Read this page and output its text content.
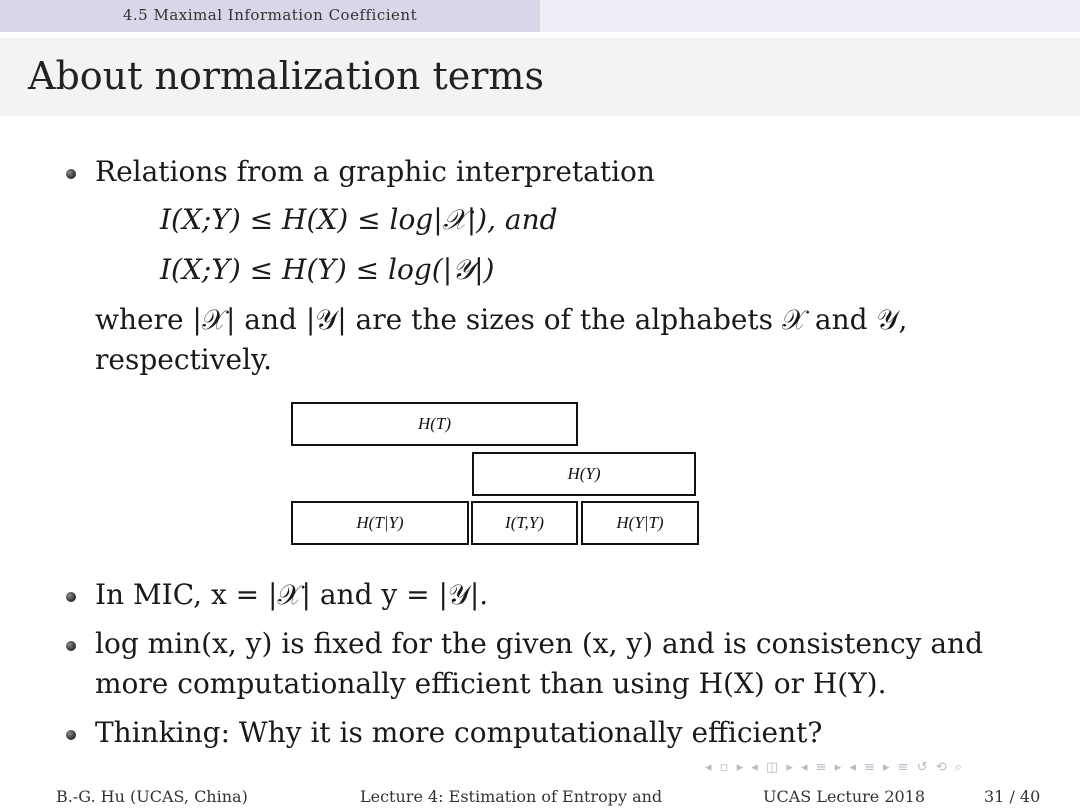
4.5 Maximal Information Coefficient
About normalization terms
Relations from a graphic interpretation
I(X;Y) ≤ H(X) ≤ log|𝒳|), and
I(X;Y) ≤ H(Y) ≤ log(|𝒴|)
where |𝒳| and |𝒴| are the sizes of the alphabets 𝒳 and 𝒴,
respectively.
H(T)
H(Y)
H(T|Y)	I(T,Y)	H(Y|T)
In MIC, x = |𝒳| and y = |𝒴|.
log min(x, y) is fixed for the given (x, y) and is consistency and
more computationally efficient than using H(X) or H(Y).
Thinking: Why it is more computationally efficient?
◂ ▫ ▸ ◂ ◫ ▸ ◂ ≡ ▸ ◂ ≡ ▸ ≡ ↺ ⟲ ⌕
B.-G. Hu (UCAS, China)	Lecture 4: Estimation of Entropy and	UCAS Lecture 2018	31 / 40
